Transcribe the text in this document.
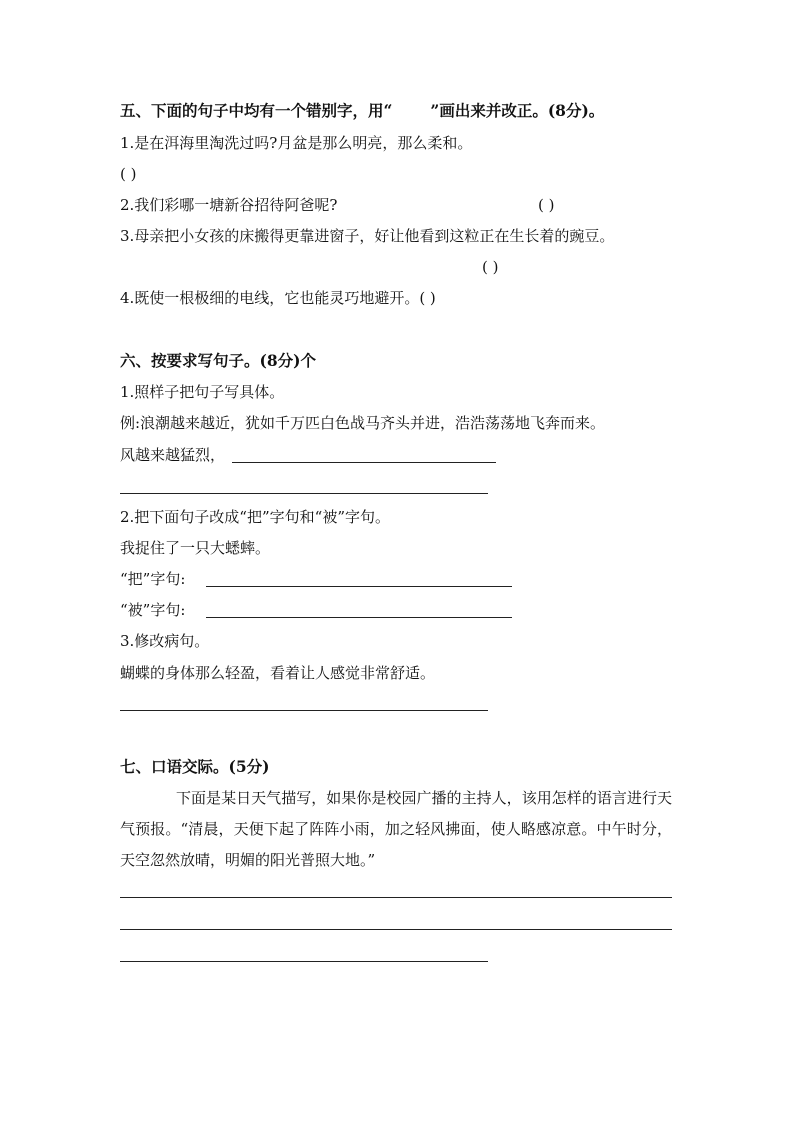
五、下面的句子中均有一个错别字，用“ ”画出来并改正。(8分)。
1.是在洱海里淘洗过吗?月盆是那么明亮，那么柔和。
( )
2.我们彩哪一塘新谷招待阿爸呢?	( )
3.母亲把小女孩的床搬得更靠进窗子，好让他看到这粒正在生长着的豌豆。
( )
4.既使一根极细的电线，它也能灵巧地避开。( )
六、按要求写句子。(8分)个
1.照样子把句子写具体。
例:浪潮越来越近，犹如千万匹白色战马齐头并进，浩浩荡荡地飞奔而来。
风越来越猛烈，
2.把下面句子改成“把”字句和“被”字句。
我捉住了一只大蟋蟀。
“把”字句:
“被”字句:
3.修改病句。
蝴蝶的身体那么轻盈，看着让人感觉非常舒适。
七、口语交际。(5分)
下面是某日天气描写，如果你是校园广播的主持人，该用怎样的语言进行天气预报。“清晨，天便下起了阵阵小雨，加之轻风拂面，使人略感凉意。中午时分，天空忽然放晴，明媚的阳光普照大地。”
